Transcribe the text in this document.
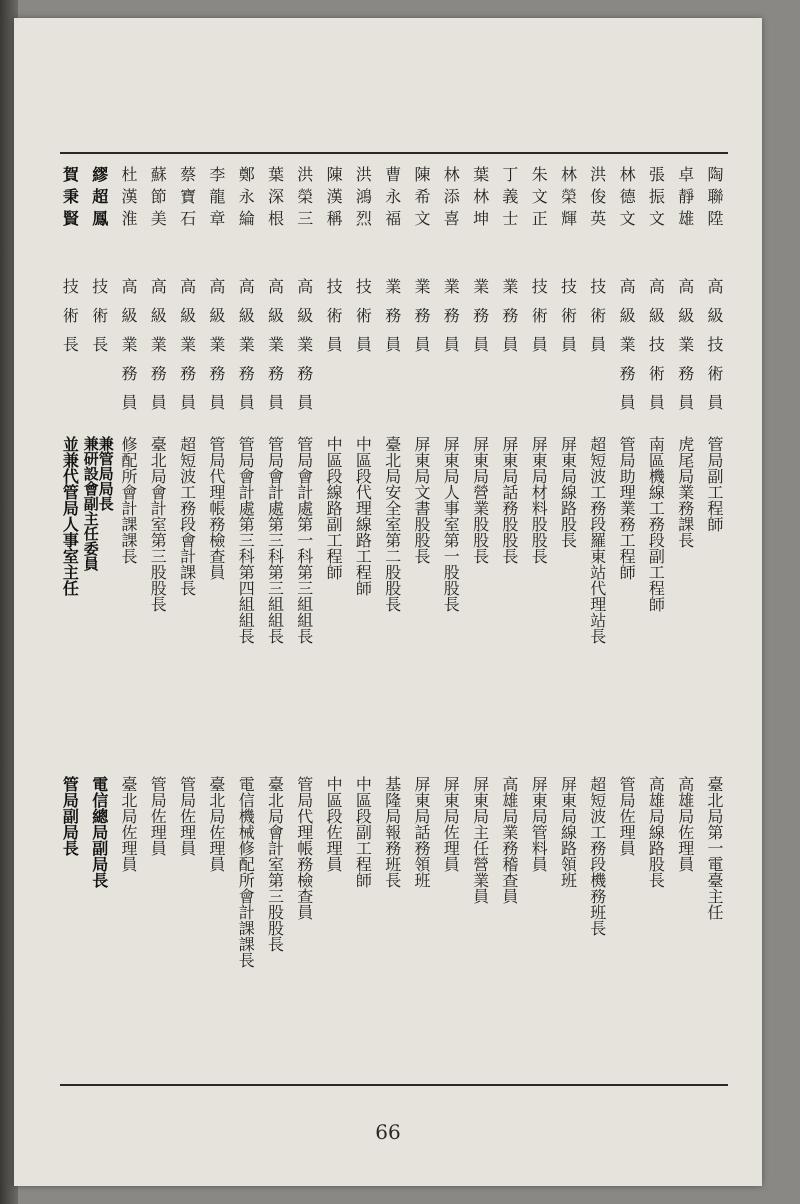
陶聯陞
高級技術員
管局副工程師
臺北局第一電臺主任
卓靜雄
高級業務員
虎尾局業務課長
高雄局佐理員
張振文
高級技術員
南區機線工務段副工程師
高雄局線路股長
林德文
高級業務員
管局助理業務工程師
管局佐理員
洪俊英
技術員
超短波工務段羅東站代理站長
超短波工務段機務班長
林榮輝
技術員
屏東局線路股長
屏東局線路領班
朱文正
技術員
屏東局材料股股長
屏東局管料員
丁義士
業務員
屏東局話務股股長
高雄局業務稽查員
葉林坤
業務員
屏東局營業股股長
屏東局主任營業員
林添喜
業務員
屏東局人事室第一股股長
屏東局佐理員
陳希文
業務員
屏東局文書股股長
屏東局話務領班
曹永福
業務員
臺北局安全室第二股股長
基隆局報務班長
洪鴻烈
技術員
中區段代理線路工程師
中區段副工程師
陳漢稱
技術員
中區段線路副工程師
中區段佐理員
洪榮三
高級業務員
管局會計處第一科第三組組長
管局代理帳務檢查員
葉深根
高級業務員
管局會計處第三科第三組組長
臺北局會計室第三股股長
鄭永綸
高級業務員
管局會計處第三科第四組組長
電信機械修配所會計課課長
李龍章
高級業務員
管局代理帳務檢查員
臺北局佐理員
蔡寶石
高級業務員
超短波工務段會計課長
管局佐理員
蘇節美
高級業務員
臺北局會計室第三股股長
管局佐理員
杜漢淮
高級業務員
修配所會計課課長
臺北局佐理員
繆超鳳
技術長
兼管局局長
兼研設會副主任委員
電信總局副局長
賀秉賢
技術長
並兼代管局人事室主任
管局副局長
66
